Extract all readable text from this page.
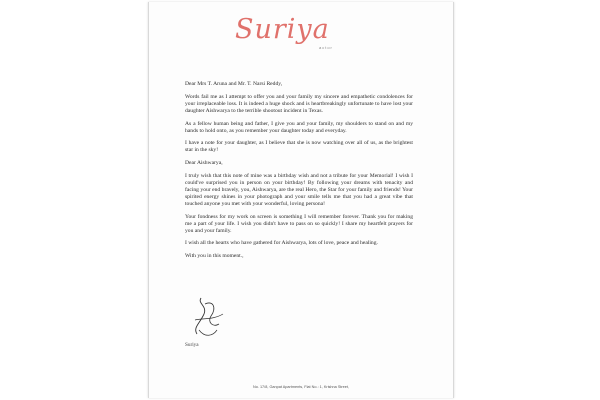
Suriya
actor

Dear Mrs T. Aruna and Mr. T. Narsi Reddy,

Words fail me as I attempt to offer you and your family my sincere and empathetic condolences for your irreplaceable loss. It is indeed a huge shock and is heartbreakingly unfortunate to have lost your daughter Aishwarya to the terrible shootout incident in Texas.

As a fellow human being and father, I give you and your family, my shoulders to stand on and my hands to hold onto, as you remember your daughter today and everyday.

I have a note for your daughter, as I believe that she is now watching over all of us, as the brightest star in the sky!

Dear Aishwarya,

I truly wish that this note of mine was a birthday wish and not a tribute for your Memorial! I wish I could've surprised you in person on your birthday! By following your dreams with tenacity and facing your end bravely, you, Aishwarya, are the real Hero, the Star for your family and friends! Your spirited energy shines in your photograph and your smile tells me that you had a great vibe that touched anyone you met with your wonderful, loving persona!

Your fondness for my work on screen is something I will remember forever. Thank you for making me a part of your life. I wish you didn't have to pass on so quickly! I share my heartfelt prayers for you and your family.

I wish all the hearts who have gathered for Aishwarya, lots of love, peace and healing.

With you in this moment.,

Suriya
No. 17/8, Ganpat Apartments, Flat No.: 1, Krishna Street,
